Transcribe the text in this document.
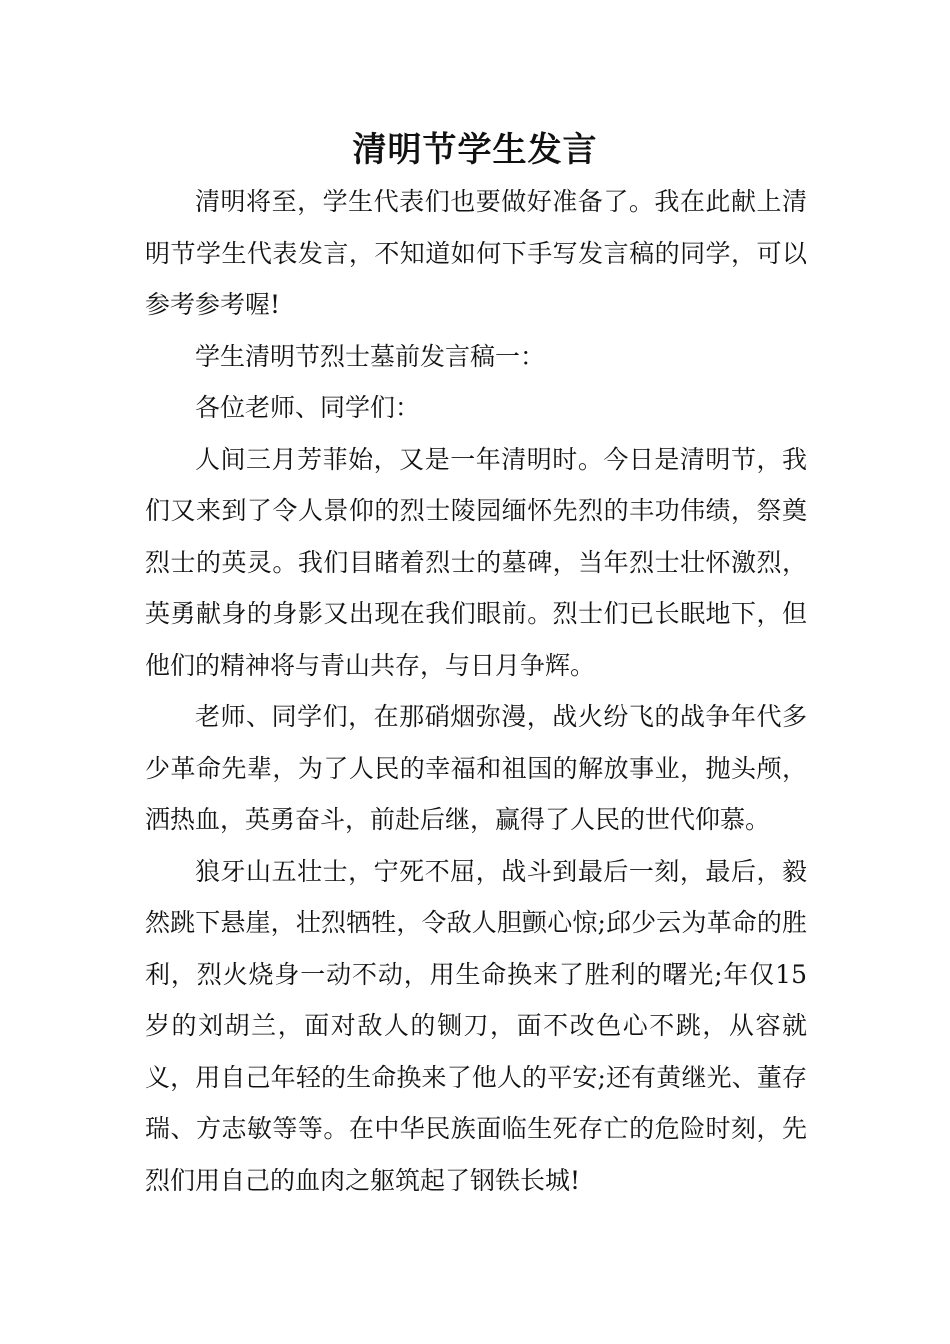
清明节学生发言

清明将至，学生代表们也要做好准备了。我在此献上清明节学生代表发言，不知道如何下手写发言稿的同学，可以参考参考喔!

学生清明节烈士墓前发言稿一：

各位老师、同学们：

人间三月芳菲始，又是一年清明时。今日是清明节，我们又来到了令人景仰的烈士陵园缅怀先烈的丰功伟绩，祭奠烈士的英灵。我们目睹着烈士的墓碑，当年烈士壮怀激烈，英勇献身的身影又出现在我们眼前。烈士们已长眠地下，但他们的精神将与青山共存，与日月争辉。

老师、同学们，在那硝烟弥漫，战火纷飞的战争年代多少革命先辈，为了人民的幸福和祖国的解放事业，抛头颅，洒热血，英勇奋斗，前赴后继，赢得了人民的世代仰慕。

狼牙山五壮士，宁死不屈，战斗到最后一刻，最后，毅然跳下悬崖，壮烈牺牲，令敌人胆颤心惊;邱少云为革命的胜利，烈火烧身一动不动，用生命换来了胜利的曙光;年仅15岁的刘胡兰，面对敌人的铡刀，面不改色心不跳，从容就义，用自己年轻的生命换来了他人的平安;还有黄继光、董存瑞、方志敏等等。在中华民族面临生死存亡的危险时刻，先烈们用自己的血肉之躯筑起了钢铁长城!
